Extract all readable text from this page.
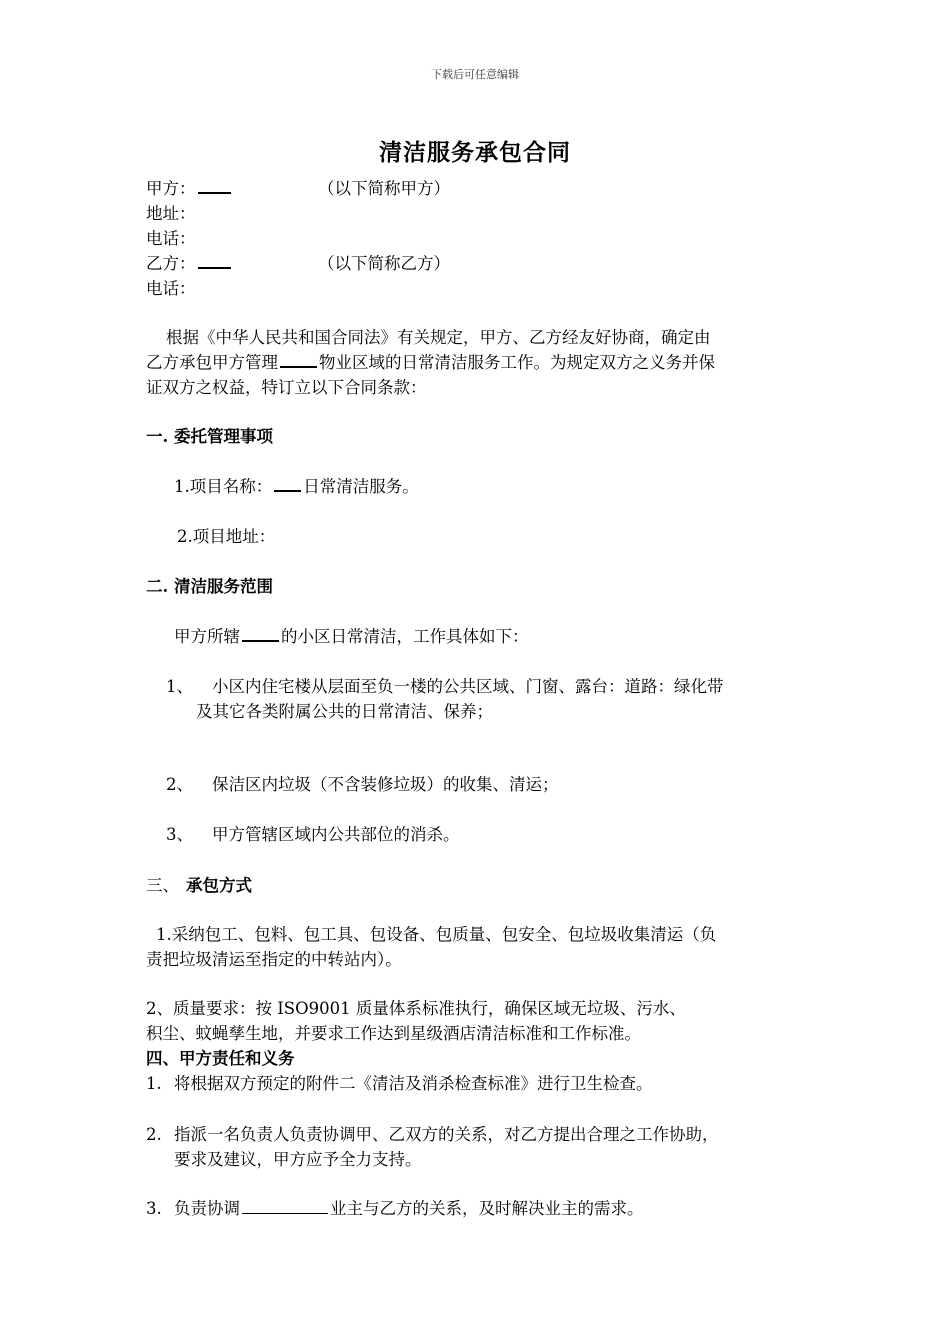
下载后可任意编辑
清洁服务承包合同
甲方：	（以下简称甲方）
地址：
电话：
乙方：	（以下简称乙方）
电话：
根据《中华人民共和国合同法》有关规定，甲方、乙方经友好协商，确定由
乙方承包甲方管理 物业区域的日常清洁服务工作。为规定双方之义务并保
证双方之权益，特订立以下合同条款：
一. 委托管理事项
1.项目名称： 日常清洁服务。
2.项目地址：
二. 清洁服务范围
甲方所辖 的小区日常清洁，工作具体如下：
1、 小区内住宅楼从层面至负一楼的公共区域、门窗、露台：道路：绿化带
及其它各类附属公共的日常清洁、保养；
2、 保洁区内垃圾（不含装修垃圾）的收集、清运；
3、 甲方管辖区域内公共部位的消杀。
三、 承包方式
1.采纳包工、包料、包工具、包设备、包质量、包安全、包垃圾收集清运（负
责把垃圾清运至指定的中转站内）。
2、质量要求：按 ISO9001 质量体系标准执行，确保区域无垃圾、污水、
积尘、蚊蝇孳生地，并要求工作达到星级酒店清洁标准和工作标准。
四、甲方责任和义务
1. 将根据双方预定的附件二《清洁及消杀检查标准》进行卫生检查。
2. 指派一名负责人负责协调甲、乙双方的关系，对乙方提出合理之工作协助，
要求及建议，甲方应予全力支持。
3. 负责协调	业主与乙方的关系，及时解决业主的需求。
